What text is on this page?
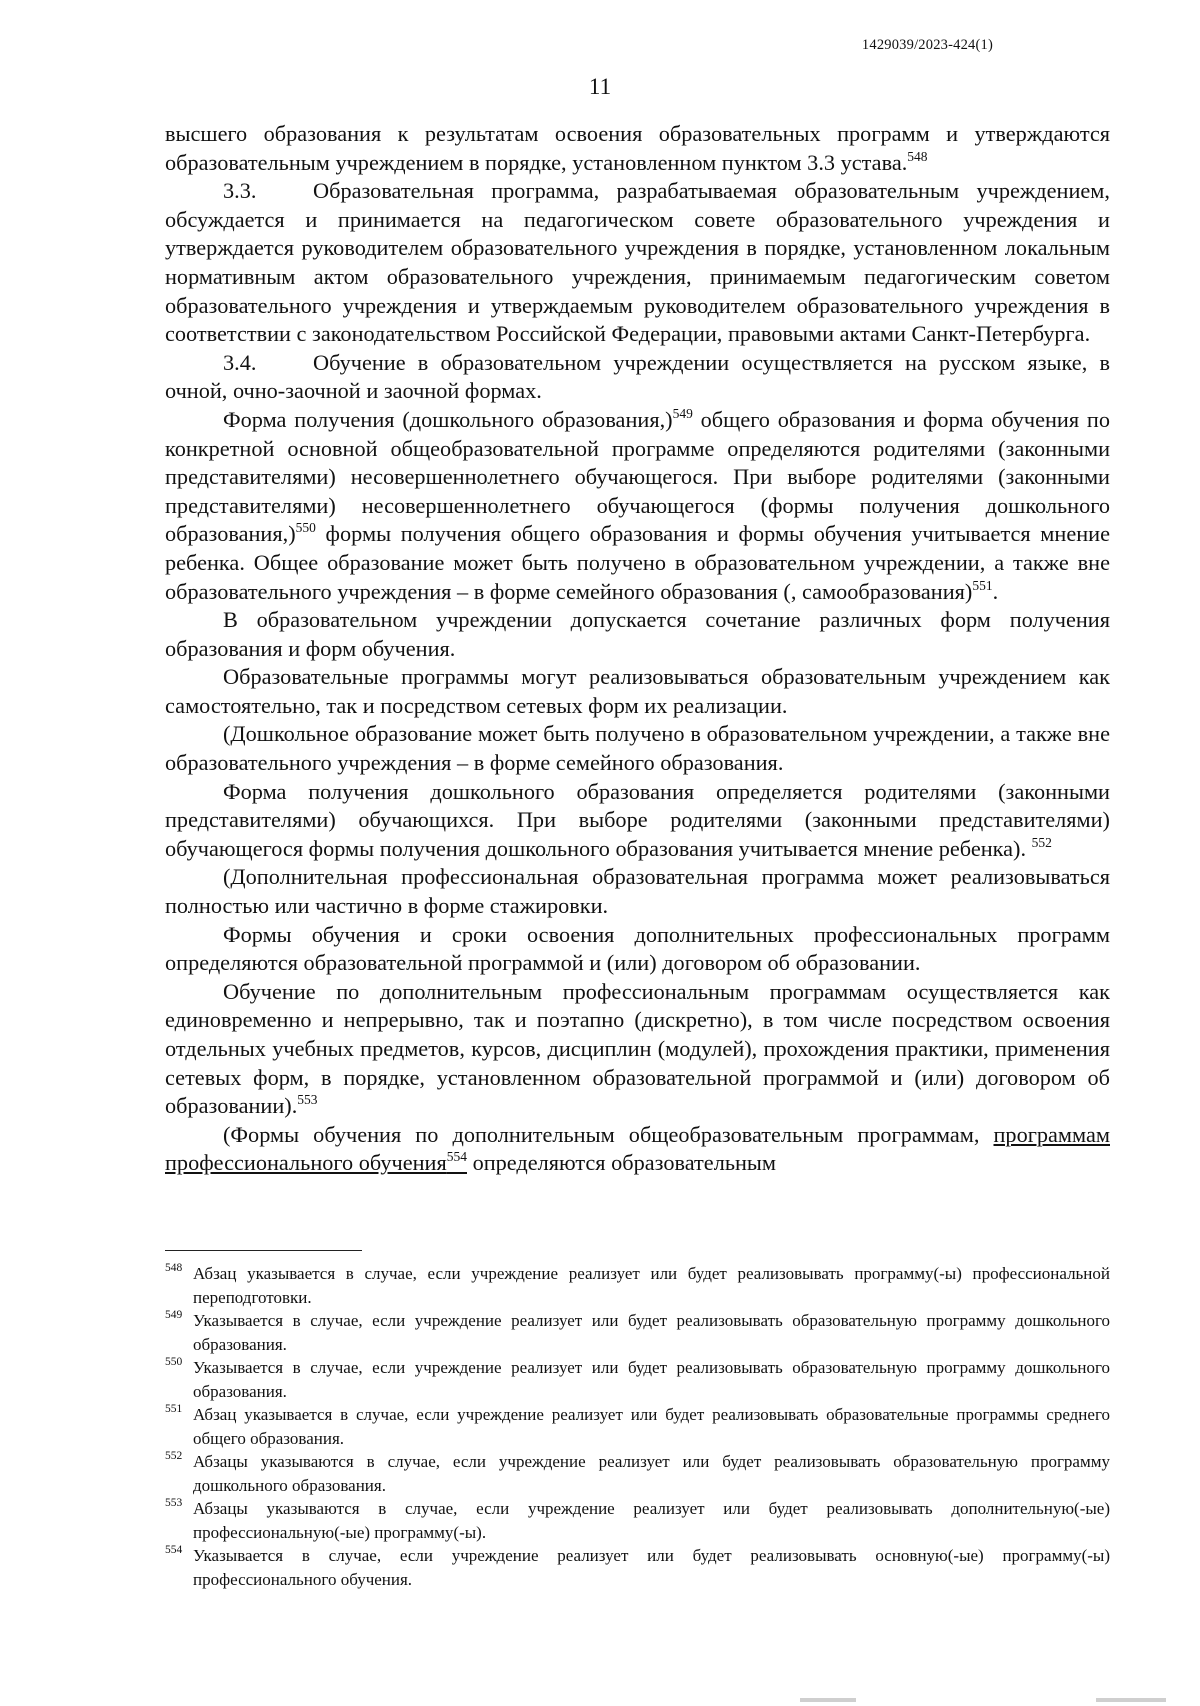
1429039/2023-424(1)
11

высшего образования к результатам освоения образовательных программ и утверждаются образовательным учреждением в порядке, установленном пунктом 3.3 устава.$^{548}$

3.3.	Образовательная программа, разрабатываемая образовательным учреждением, обсуждается и принимается на педагогическом совете образовательного учреждения и утверждается руководителем образовательного учреждения в порядке, установленном локальным нормативным актом образовательного учреждения, принимаемым педагогическим советом образовательного учреждения и утверждаемым руководителем образовательного учреждения в соответствии с законодательством Российской Федерации, правовыми актами Санкт-Петербурга.

3.4.	Обучение в образовательном учреждении осуществляется на русском языке, в очной, очно-заочной и заочной формах.

Форма получения (дошкольного образования,)$^{549}$ общего образования и форма обучения по конкретной основной общеобразовательной программе определяются родителями (законными представителями) несовершеннолетнего обучающегося. При выборе родителями (законными представителями) несовершеннолетнего обучающегося (формы получения дошкольного образования,)$^{550}$ формы получения общего образования и формы обучения учитывается мнение ребенка. Общее образование может быть получено в образовательном учреждении, а также вне образовательного учреждения – в форме семейного образования (, самообразования)$^{551}$.

В образовательном учреждении допускается сочетание различных форм получения образования и форм обучения.

Образовательные программы могут реализовываться образовательным учреждением как самостоятельно, так и посредством сетевых форм их реализации.

(Дошкольное образование может быть получено в образовательном учреждении, а также вне образовательного учреждения – в форме семейного образования.

Форма получения дошкольного образования определяется родителями (законными представителями) обучающихся. При выборе родителями (законными представителями) обучающегося формы получения дошкольного образования учитывается мнение ребенка). $^{552}$

(Дополнительная профессиональная образовательная программа может реализовываться полностью или частично в форме стажировки.

Формы обучения и сроки освоения дополнительных профессиональных программ определяются образовательной программой и (или) договором об образовании.

Обучение по дополнительным профессиональным программам осуществляется как единовременно и непрерывно, так и поэтапно (дискретно), в том числе посредством освоения отдельных учебных предметов, курсов, дисциплин (модулей), прохождения практики, применения сетевых форм, в порядке, установленном образовательной программой и (или) договором об образовании).$^{553}$

(Формы обучения по дополнительным общеобразовательным программам, программам профессионального обучения$^{554}$ определяются образовательным

548 Абзац указывается в случае, если учреждение реализует или будет реализовывать программу(-ы) профессиональной переподготовки.
549 Указывается в случае, если учреждение реализует или будет реализовывать образовательную программу дошкольного образования.
550 Указывается в случае, если учреждение реализует или будет реализовывать образовательную программу дошкольного образования.
551 Абзац указывается в случае, если учреждение реализует или будет реализовывать образовательные программы среднего общего образования.
552 Абзацы указываются в случае, если учреждение реализует или будет реализовывать образовательную программу дошкольного образования.
553 Абзацы указываются в случае, если учреждение реализует или будет реализовывать дополнительную(-ые) профессиональную(-ые) программу(-ы).
554 Указывается в случае, если учреждение реализует или будет реализовывать основную(-ые) программу(-ы) профессионального обучения.
